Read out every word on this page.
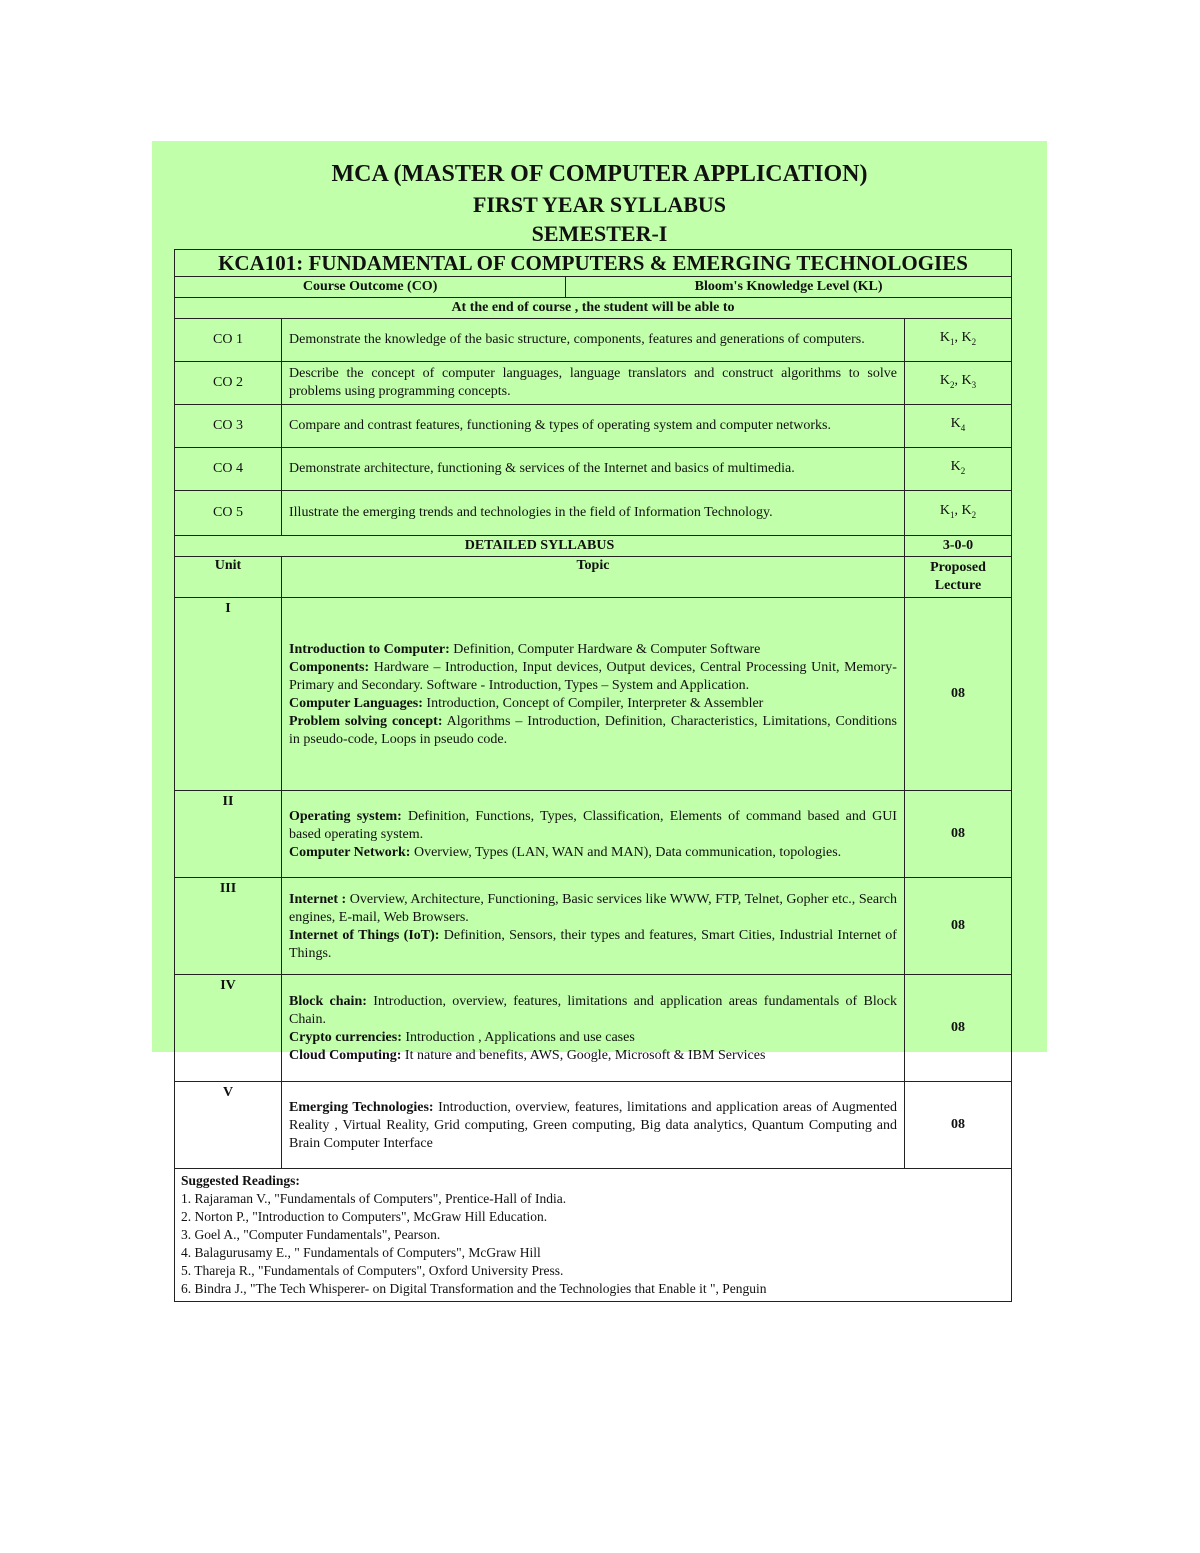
MCA (MASTER OF COMPUTER APPLICATION)
FIRST YEAR SYLLABUS
SEMESTER-I
KCA101: FUNDAMENTAL OF COMPUTERS & EMERGING TECHNOLOGIES

Course Outcome (CO)	Bloom's Knowledge Level (KL)

At the end of course , the student will be able to
CO 1	Demonstrate the knowledge of the basic structure, components, features and generations of computers.	$K_1$, $K_2$
CO 2	Describe the concept of computer languages, language translators and construct algorithms to solve problems using programming concepts.	$K_2$, $K_3$
CO 3	Compare and contrast features, functioning & types of operating system and computer networks.	$K_4$
CO 4	Demonstrate architecture, functioning & services of the Internet and basics of multimedia.	$K_2$
CO 5	Illustrate the emerging trends and technologies in the field of Information Technology.	$K_1$, $K_2$
DETAILED SYLLABUS	3-0-0
Unit	Topic	Proposed Lecture
I	
Introduction to Computer: Definition, Computer Hardware & Computer Software
Components: Hardware – Introduction, Input devices, Output devices, Central Processing Unit, Memory- Primary and Secondary. Software - Introduction, Types – System and Application.
Computer Languages: Introduction, Concept of Compiler, Interpreter & Assembler
Problem solving concept: Algorithms – Introduction, Definition, Characteristics, Limitations, Conditions in pseudo-code, Loops in pseudo code.
	08
II	
Operating system: Definition, Functions, Types, Classification, Elements of command based and GUI based operating system.
Computer Network: Overview, Types (LAN, WAN and MAN), Data communication, topologies.
	08
III	
Internet : Overview, Architecture, Functioning, Basic services like WWW, FTP, Telnet, Gopher etc., Search engines, E-mail, Web Browsers.
Internet of Things (IoT): Definition, Sensors, their types and features, Smart Cities, Industrial Internet of Things.
	08
IV	
Block chain: Introduction, overview, features, limitations and application areas fundamentals of Block Chain.
Crypto currencies: Introduction , Applications and use cases
Cloud Computing: It nature and benefits, AWS, Google, Microsoft & IBM Services
	08
V	
Emerging Technologies: Introduction, overview, features, limitations and application areas of Augmented Reality , Virtual Reality, Grid computing, Green computing, Big data analytics, Quantum Computing and Brain Computer Interface
	08

Suggested Readings:
1. Rajaraman V., "Fundamentals of Computers", Prentice-Hall of India.
2. Norton P., "Introduction to Computers", McGraw Hill Education.
3. Goel A., "Computer Fundamentals", Pearson.
4. Balagurusamy E., " Fundamentals of Computers", McGraw Hill
5. Thareja R., "Fundamentals of Computers", Oxford University Press.
6. Bindra J., "The Tech Whisperer- on Digital Transformation and the Technologies that Enable it ", Penguin
